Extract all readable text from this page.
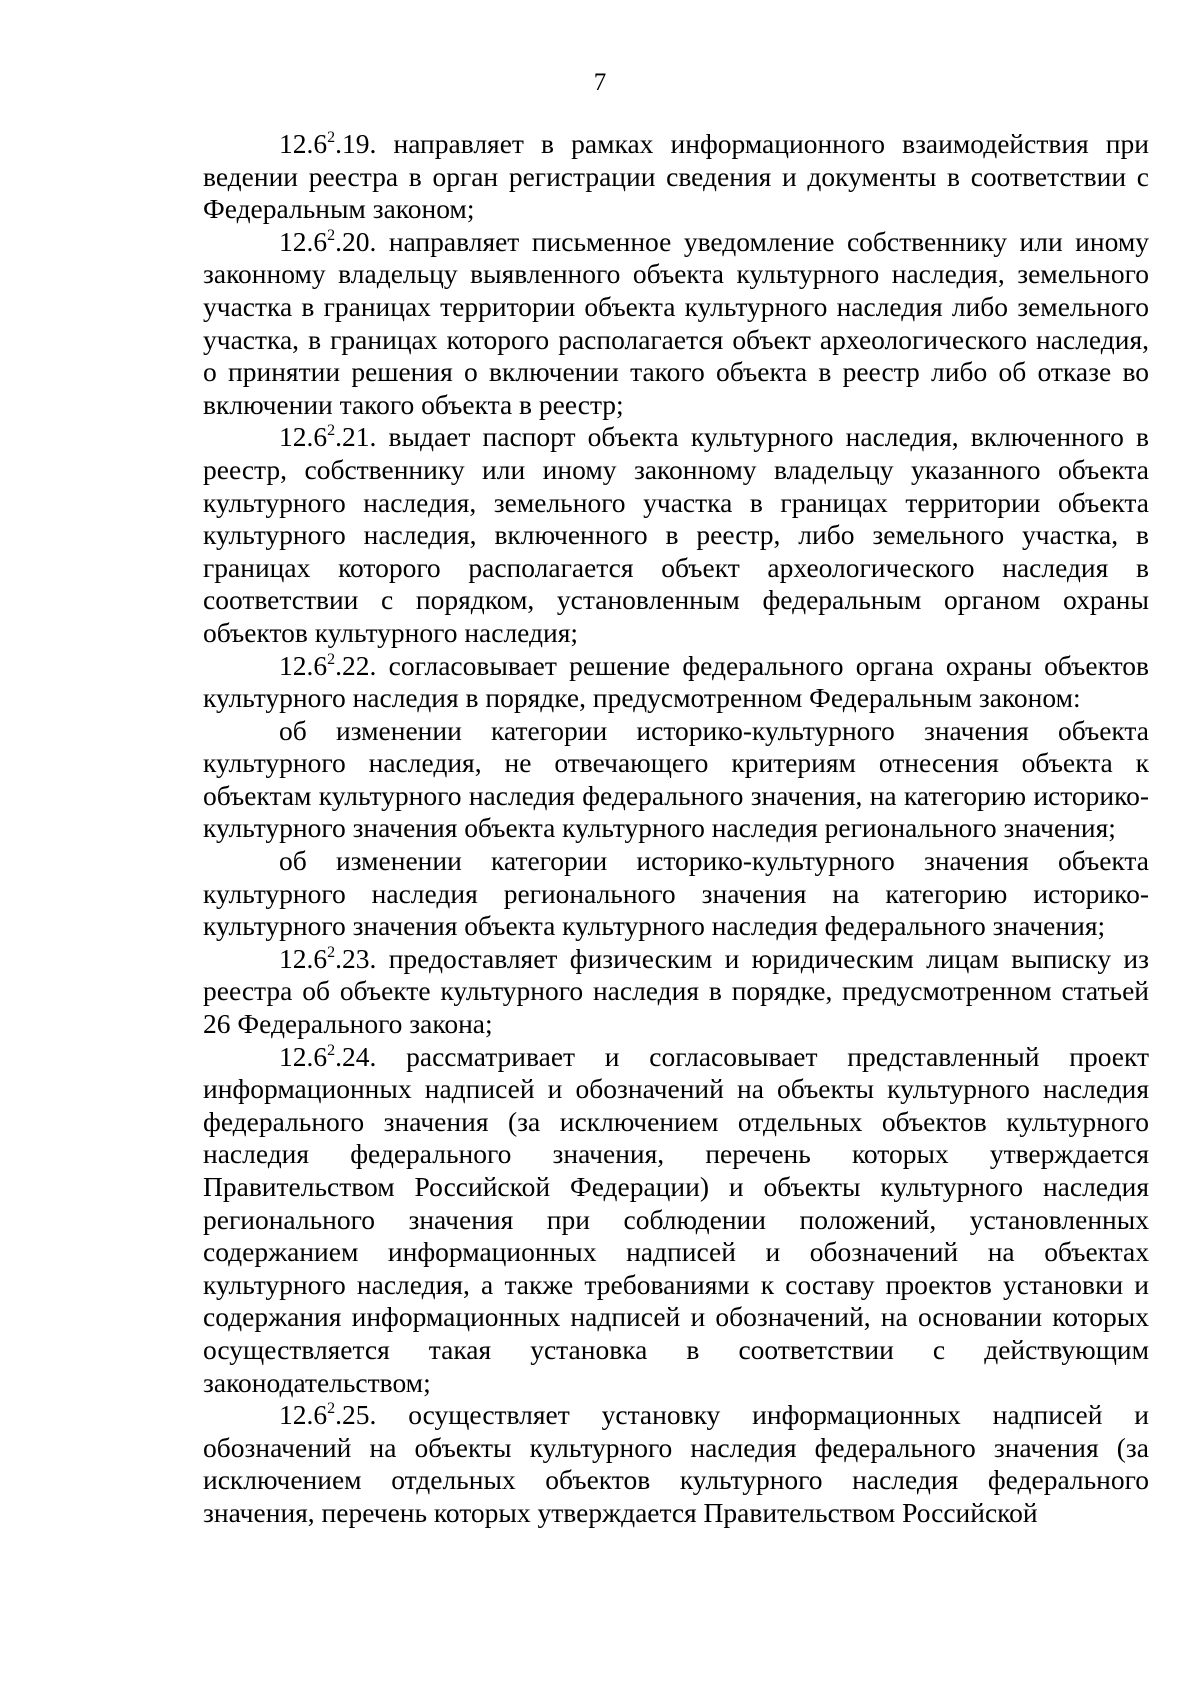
7

12.6$^2$.19. направляет в рамках информационного взаимодействия при ведении реестра в орган регистрации сведения и документы в соответствии с Федеральным законом;

12.6$^2$.20. направляет письменное уведомление собственнику или иному законному владельцу выявленного объекта культурного наследия, земельного участка в границах территории объекта культурного наследия либо земельного участка, в границах которого располагается объект археологического наследия, о принятии решения о включении такого объекта в реестр либо об отказе во включении такого объекта в реестр;

12.6$^2$.21. выдает паспорт объекта культурного наследия, включенного в реестр, собственнику или иному законному владельцу указанного объекта культурного наследия, земельного участка в границах территории объекта культурного наследия, включенного в реестр, либо земельного участка, в границах которого располагается объект археологического наследия в соответствии с порядком, установленным федеральным органом охраны объектов культурного наследия;

12.6$^2$.22. согласовывает решение федерального органа охраны объектов культурного наследия в порядке, предусмотренном Федеральным законом:

об изменении категории историко-культурного значения объекта культурного наследия, не отвечающего критериям отнесения объекта к объектам культурного наследия федерального значения, на категорию историко-культурного значения объекта культурного наследия регионального значения;

об изменении категории историко-культурного значения объекта культурного наследия регионального значения на категорию историко-культурного значения объекта культурного наследия федерального значения;

12.6$^2$.23. предоставляет физическим и юридическим лицам выписку из реестра об объекте культурного наследия в порядке, предусмотренном статьей 26 Федерального закона;

12.6$^2$.24. рассматривает и согласовывает представленный проект информационных надписей и обозначений на объекты культурного наследия федерального значения (за исключением отдельных объектов культурного наследия федерального значения, перечень которых утверждается Правительством Российской Федерации) и объекты культурного наследия регионального значения при соблюдении положений, установленных содержанием информационных надписей и обозначений на объектах культурного наследия, а также требованиями к составу проектов установки и содержания информационных надписей и обозначений, на основании которых осуществляется такая установка в соответствии с действующим законодательством;

12.6$^2$.25. осуществляет установку информационных надписей и обозначений на объекты культурного наследия федерального значения (за исключением отдельных объектов культурного наследия федерального значения, перечень которых утверждается Правительством Российской
